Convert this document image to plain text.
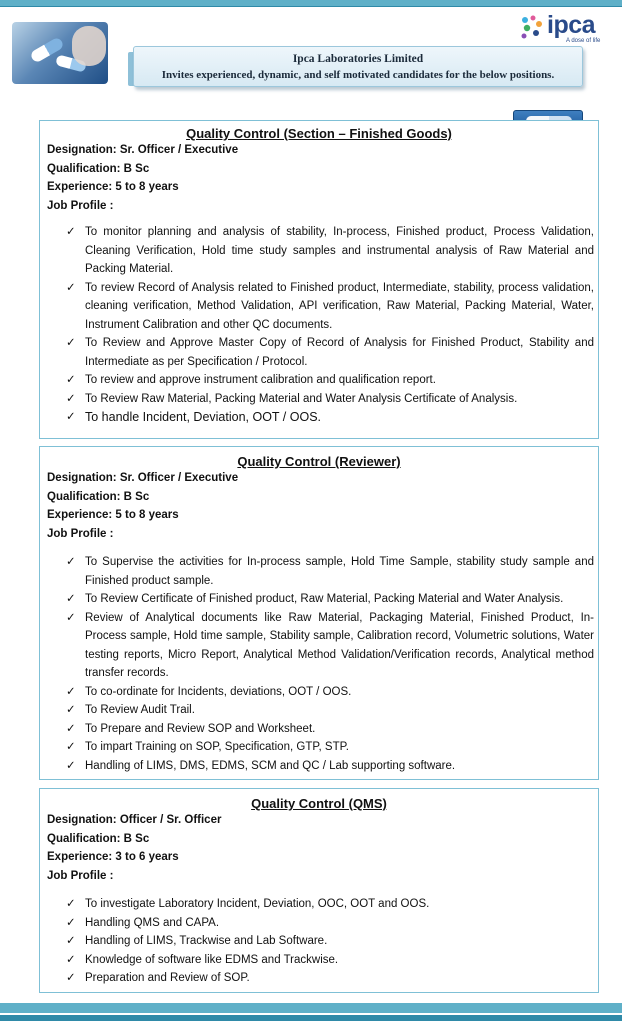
ipca
A dose of life
Ipca Laboratories Limited
Invites experienced, dynamic, and self motivated candidates for the below positions.
Quality Control (Section – Finished Goods)
Designation: Sr. Officer / Executive
Qualification: B Sc
Experience: 5 to 8 years
Job Profile :
✓ To monitor planning and analysis of stability, In-process, Finished product, Process Validation, Cleaning Verification, Hold time study samples and instrumental analysis of Raw Material and Packing Material.
✓ To review Record of Analysis related to Finished product, Intermediate, stability, process validation, cleaning verification, Method Validation, API verification, Raw Material, Packing Material, Water, Instrument Calibration and other QC documents.
✓ To Review and Approve Master Copy of Record of Analysis for Finished Product, Stability and Intermediate as per Specification / Protocol.
✓ To review and approve instrument calibration and qualification report.
✓ To Review Raw Material, Packing Material and Water Analysis Certificate of Analysis.
✓ To handle Incident, Deviation, OOT / OOS.
Quality Control (Reviewer)
Designation: Sr. Officer / Executive
Qualification: B Sc
Experience: 5 to 8 years
Job Profile :
✓ To Supervise the activities for In-process sample, Hold Time Sample, stability study sample and Finished product sample.
✓ To Review Certificate of Finished product, Raw Material, Packing Material and Water Analysis.
✓ Review of Analytical documents like Raw Material, Packaging Material, Finished Product, In-Process sample, Hold time sample, Stability sample, Calibration record, Volumetric solutions, Water testing reports, Micro Report, Analytical Method Validation/Verification records, Analytical method transfer records.
✓ To co-ordinate for Incidents, deviations, OOT / OOS.
✓ To Review Audit Trail.
✓ To Prepare and Review SOP and Worksheet.
✓ To impart Training on SOP, Specification, GTP, STP.
✓ Handling of LIMS, DMS, EDMS, SCM and QC / Lab supporting software.
Quality Control (QMS)
Designation: Officer / Sr. Officer
Qualification: B Sc
Experience: 3 to 6 years
Job Profile :
✓ To investigate Laboratory Incident, Deviation, OOC, OOT and OOS.
✓ Handling QMS and CAPA.
✓ Handling of LIMS, Trackwise and Lab Software.
✓ Knowledge of software like EDMS and Trackwise.
✓ Preparation and Review of SOP.
